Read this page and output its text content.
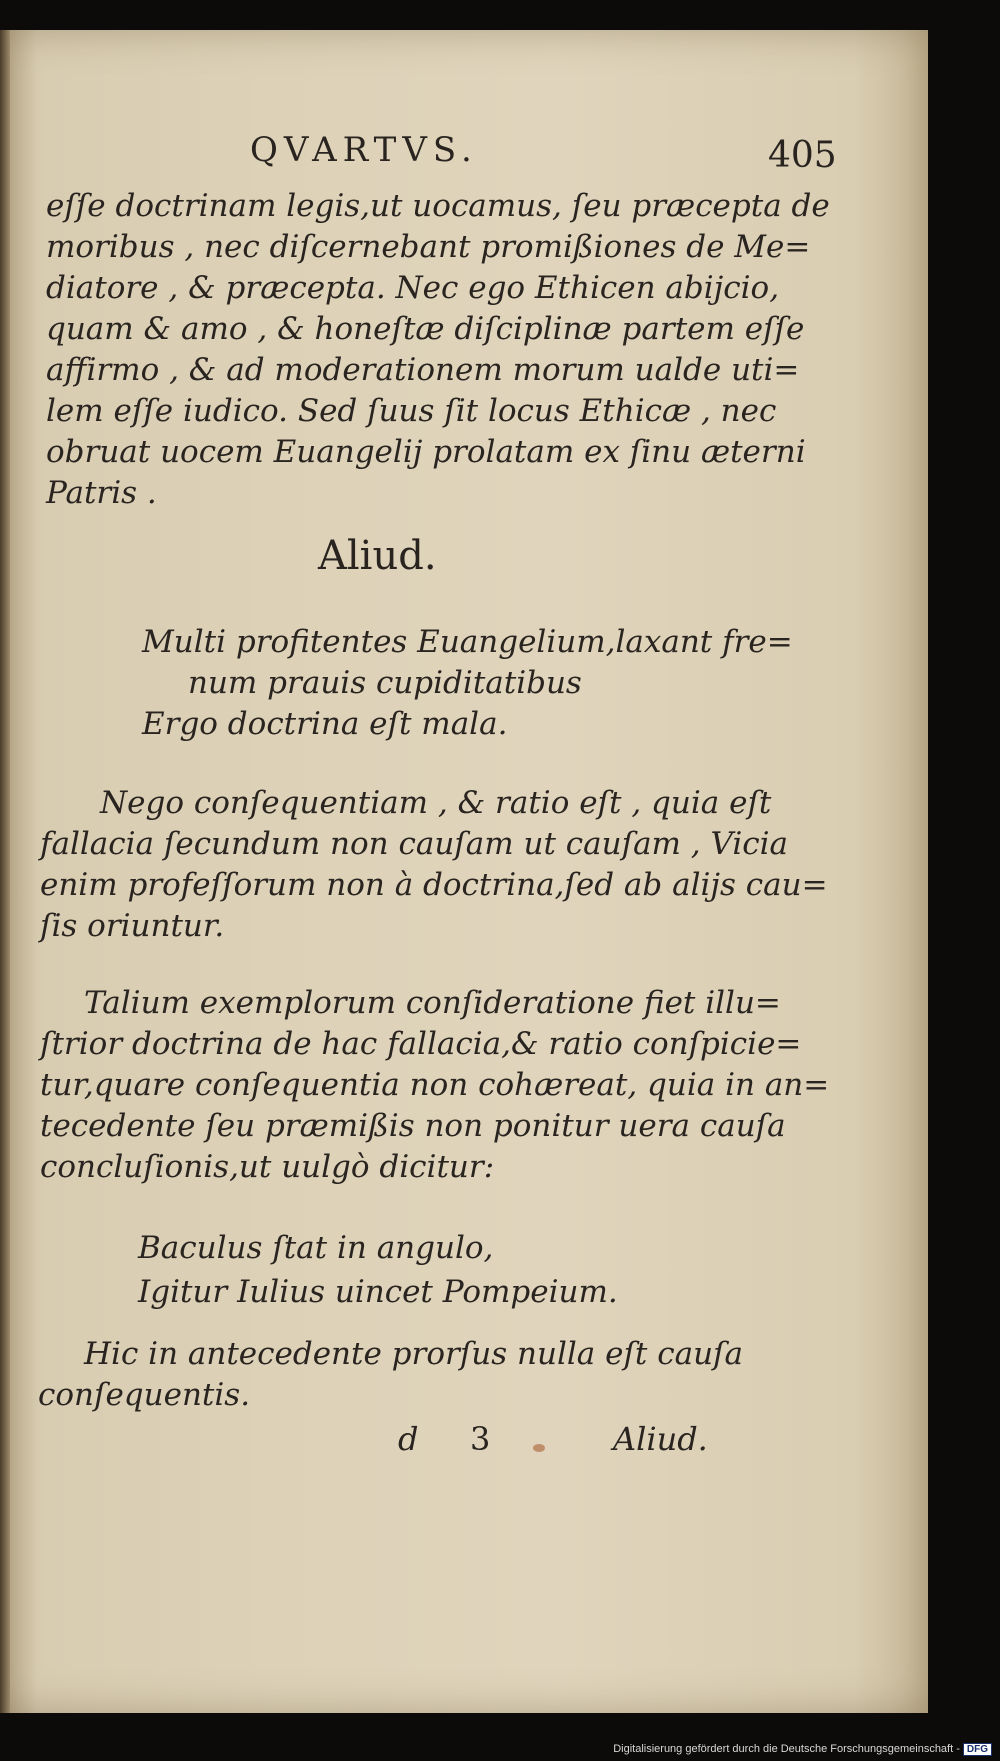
QVARTVS.	405
eſſe doctrinam legis,ut uocamus, ſeu præcepta de
moribus , nec diſcernebant promißiones de Me=
diatore , & præcepta. Nec ego Ethicen abijcio,
quam & amo , & honeſtæ diſciplinæ partem eſſe
affirmo , & ad moderationem morum ualde uti=
lem eſſe iudico. Sed ſuus ſit locus Ethicæ , nec
obruat uocem Euangelij prolatam ex ſinu æterni
Patris .
Aliud.
Multi profitentes Euangelium,laxant fre=
num prauis cupiditatibus
Ergo doctrina eſt mala.
Nego conſequentiam , & ratio eſt , quia eſt
fallacia ſecundum non cauſam ut cauſam , Vicia
enim profeſſorum non à doctrina,ſed ab alijs cau=
ſis oriuntur.
Talium exemplorum conſideratione fiet illu=
ſtrior doctrina de hac fallacia,& ratio conſpicie=
tur,quare conſequentia non cohæreat, quia in an=
tecedente ſeu præmißis non ponitur uera cauſa
concluſionis,ut uulgò dicitur:
Baculus ſtat in angulo,
Igitur Iulius uincet Pompeium.
Hic in antecedente prorſus nulla eſt cauſa
conſequentis.
d 3	Aliud.
Digitalisierung gefördert durch die Deutsche Forschungsgemeinschaft - DFG
